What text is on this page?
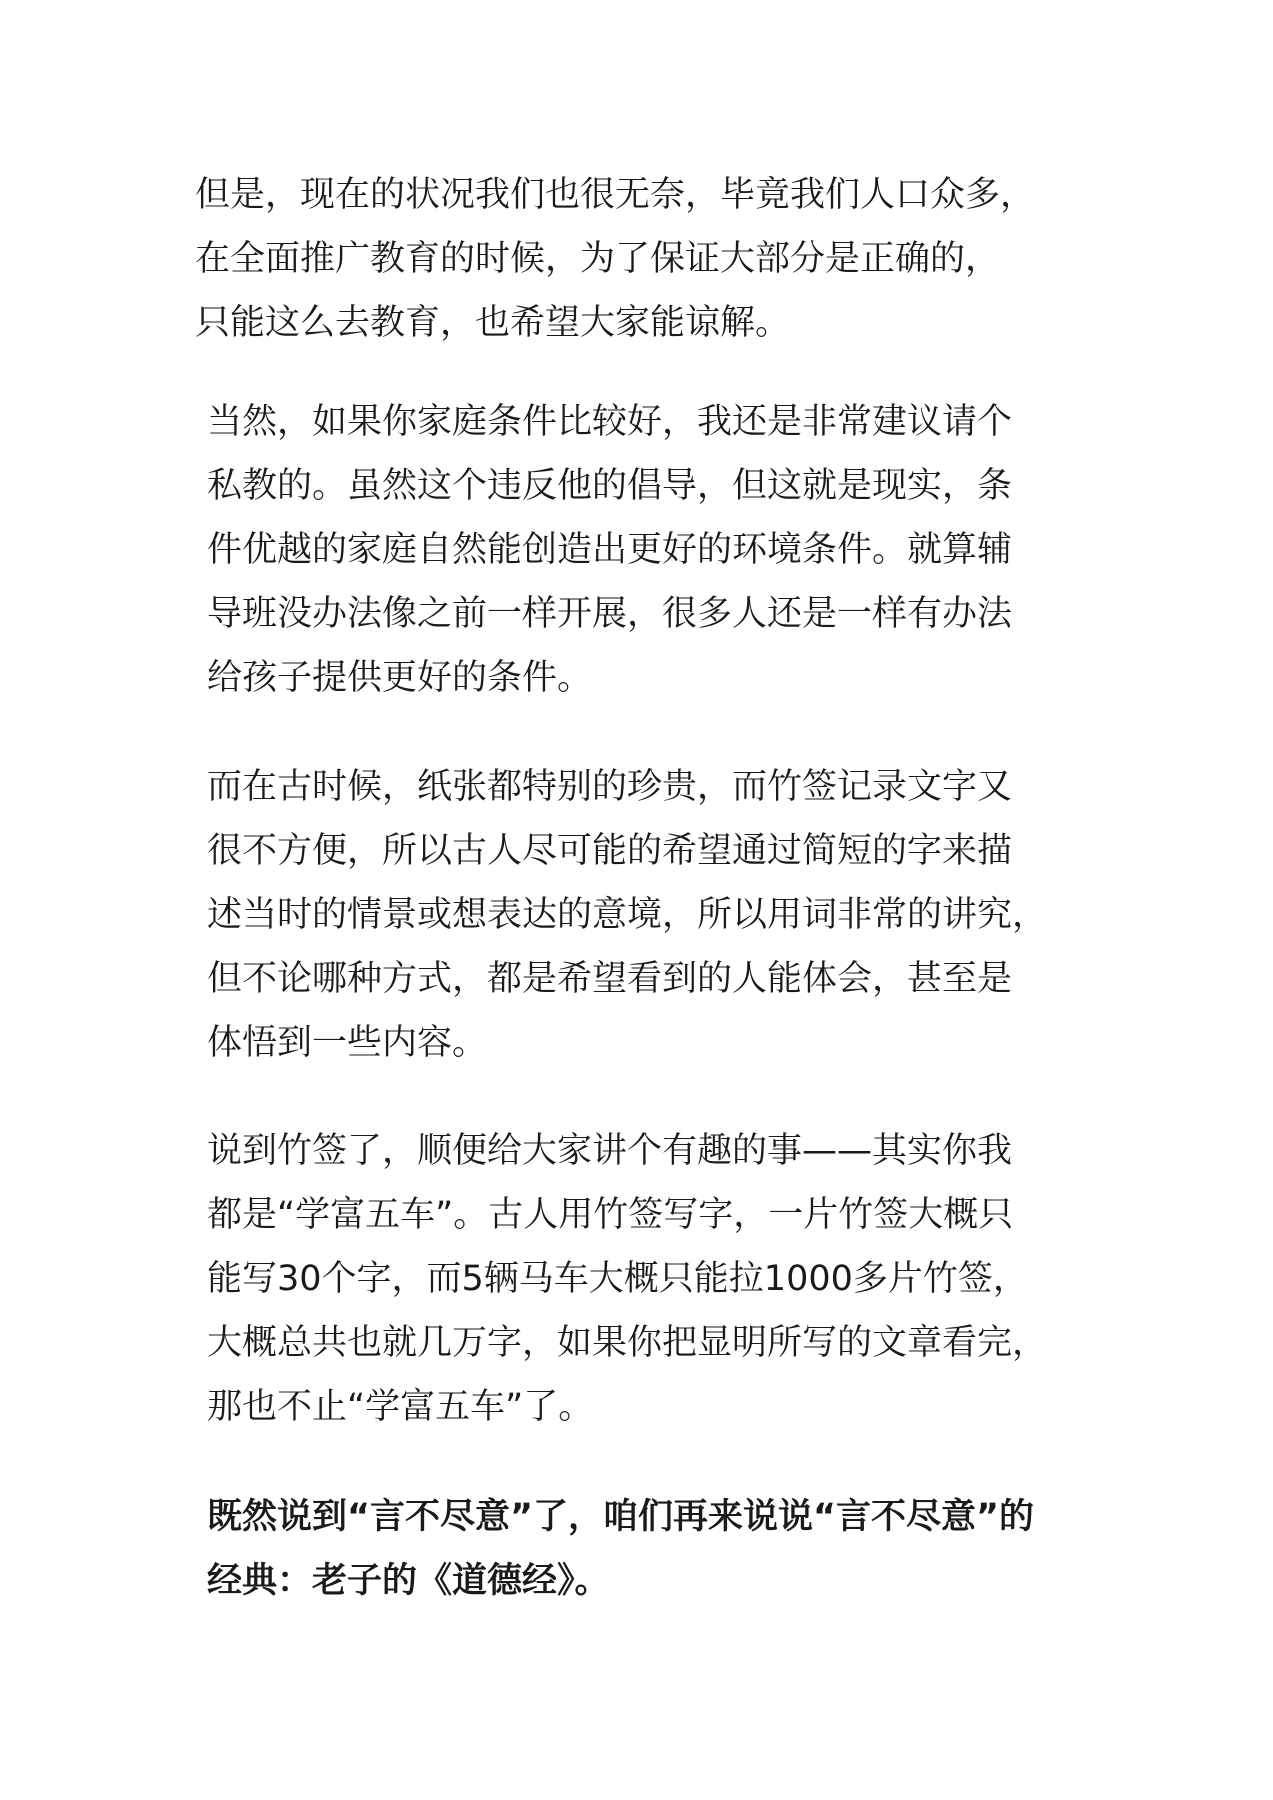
但是，现在的状况我们也很无奈，毕竟我们人口众多，
在全面推广教育的时候，为了保证大部分是正确的，
只能这么去教育，也希望大家能谅解。

当然，如果你家庭条件比较好，我还是非常建议请个
私教的。虽然这个违反他的倡导，但这就是现实，条
件优越的家庭自然能创造出更好的环境条件。就算辅
导班没办法像之前一样开展，很多人还是一样有办法
给孩子提供更好的条件。

而在古时候，纸张都特别的珍贵，而竹签记录文字又
很不方便，所以古人尽可能的希望通过简短的字来描
述当时的情景或想表达的意境，所以用词非常的讲究，
但不论哪种方式，都是希望看到的人能体会，甚至是
体悟到一些内容。

说到竹签了，顺便给大家讲个有趣的事——其实你我
都是“学富五车”。古人用竹签写字，一片竹签大概只
能写30个字，而5辆马车大概只能拉1000多片竹签，
大概总共也就几万字，如果你把显明所写的文章看完，
那也不止“学富五车”了。

既然说到“言不尽意”了，咱们再来说说“言不尽意”的
经典：老子的《道德经》。
